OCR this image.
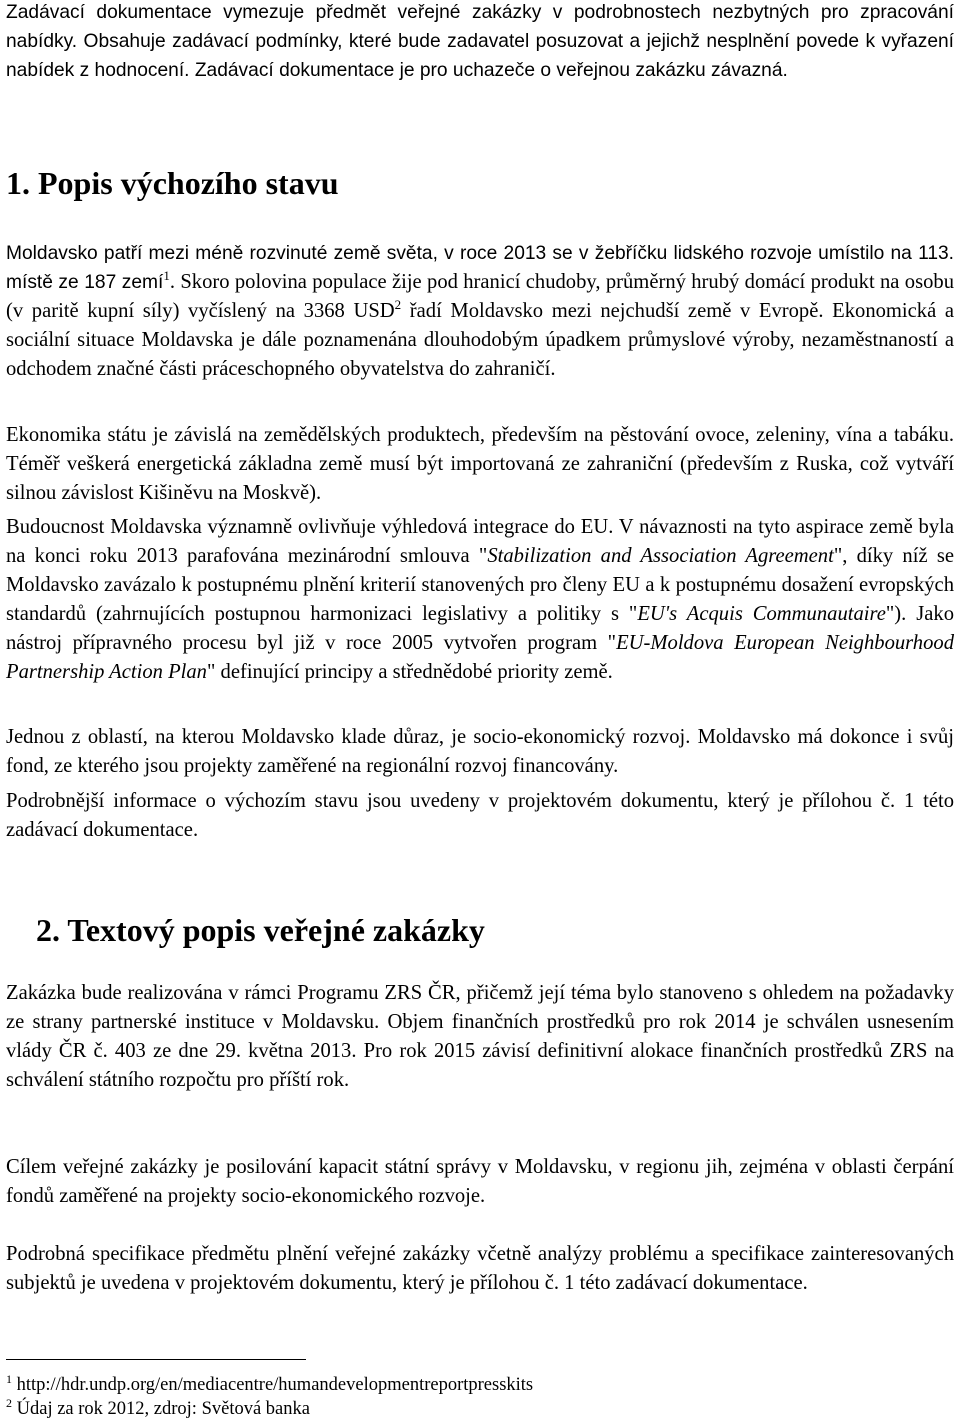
Zadávací dokumentace vymezuje předmět veřejné zakázky v podrobnostech nezbytných pro zpracování nabídky. Obsahuje zadávací podmínky, které bude zadavatel posuzovat a jejichž nesplnění povede k vyřazení nabídek z hodnocení. Zadávací dokumentace je pro uchazeče o veřejnou zakázku závazná.

1. Popis výchozího stavu

Moldavsko patří mezi méně rozvinuté země světa, v roce 2013 se v žebříčku lidského rozvoje umístilo na 113. místě ze 187 zemí$^1$. Skoro polovina populace žije pod hranicí chudoby, průměrný hrubý domácí produkt na osobu (v paritě kupní síly) vyčíslený na 3368 USD$^2$ řadí Moldavsko mezi nejchudší země v Evropě. Ekonomická a sociální situace Moldavska je dále poznamenána dlouhodobým úpadkem průmyslové výroby, nezaměstnaností a odchodem značné části práceschopného obyvatelstva do zahraničí.

Ekonomika státu je závislá na zemědělských produktech, především na pěstování ovoce, zeleniny, vína a tabáku. Téměř veškerá energetická základna země musí být importovaná ze zahraniční (především z Ruska, což vytváří silnou závislost Kišiněvu na Moskvě).

Budoucnost Moldavska významně ovlivňuje výhledová integrace do EU. V návaznosti na tyto aspirace země byla na konci roku 2013 parafována mezinárodní smlouva "Stabilization and Association Agreement", díky níž se Moldavsko zavázalo k postupnému plnění kriterií stanovených pro členy EU a k postupnému dosažení evropských standardů (zahrnujících postupnou harmonizaci legislativy a politiky s "EU's Acquis Communautaire"). Jako nástroj přípravného procesu byl již v roce 2005 vytvořen program "EU-Moldova European Neighbourhood Partnership Action Plan" definující principy a střednědobé priority země.

Jednou z oblastí, na kterou Moldavsko klade důraz, je socio-ekonomický rozvoj. Moldavsko má dokonce i svůj fond, ze kterého jsou projekty zaměřené na regionální rozvoj financovány.

Podrobnější informace o výchozím stavu jsou uvedeny v projektovém dokumentu, který je přílohou č. 1 této zadávací dokumentace.

2. Textový popis veřejné zakázky

Zakázka bude realizována v rámci Programu ZRS ČR, přičemž její téma bylo stanoveno s ohledem na požadavky ze strany partnerské instituce v Moldavsku. Objem finančních prostředků pro rok 2014 je schválen usnesením vlády ČR č. 403 ze dne 29. května 2013. Pro rok 2015 závisí definitivní alokace finančních prostředků ZRS na schválení státního rozpočtu pro příští rok.

Cílem veřejné zakázky je posilování kapacit státní správy v Moldavsku, v regionu jih, zejména v oblasti čerpání fondů zaměřené na projekty socio-ekonomického rozvoje.

Podrobná specifikace předmětu plnění veřejné zakázky včetně analýzy problému a specifikace zainteresovaných subjektů je uvedena v projektovém dokumentu, který je přílohou č. 1 této zadávací dokumentace.

$^1$ http://hdr.undp.org/en/mediacentre/humandevelopmentreportpresskits
$^2$ Údaj za rok 2012, zdroj: Světová banka
